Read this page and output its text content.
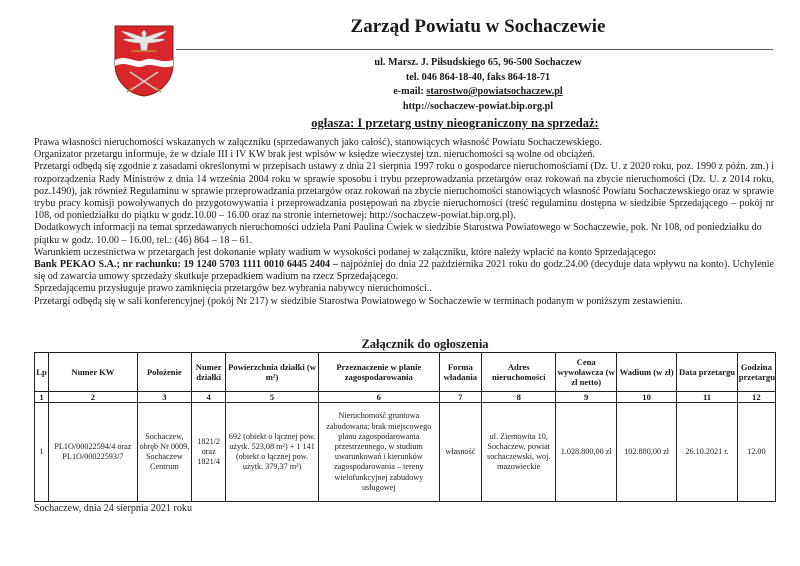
Zarząd Powiatu w Sochaczewie
ul. Marsz. J. Piłsudskiego 65, 96-500 Sochaczew
tel. 046 864-18-40, faks 864-18-71
e-mail: starostwo@powiatsochaczew.pl
http://sochaczew-powiat.bip.org.pl
ogłasza: I przetarg ustny nieograniczony na sprzedaż:

Prawa własności nieruchomości wskazanych w załączniku (sprzedawanych jako całość), stanowiących własność Powiatu Sochaczewskiego.

Organizator przetargu informuje, że w dziale III i IV KW brak jest wpisów w księdze wieczystej tzn. nieruchomości są wolne od obciążeń.

Przetargi odbędą się zgodnie z zasadami określonymi w przepisach ustawy z dnia 21 sierpnia 1997 roku o gospodarce nieruchomościami (Dz. U. z 2020 roku, poz. 1990 z późn. zm.) i rozporządzenia Rady Ministrów z dnia 14 września 2004 roku w sprawie sposobu i trybu przeprowadzania przetargów oraz rokowań na zbycie nieruchomości (Dz. U. z 2014 roku, poz.1490), jak również Regulaminu w sprawie przeprowadzania przetargów oraz rokowań na zbycie nieruchomości stanowiących własność Powiatu Sochaczewskiego oraz w sprawie trybu pracy komisji powoływanych do przygotowywania i przeprowadzania postępowań na zbycie nieruchomości (treść regulaminu dostępna w siedzibie Sprzedającego – pokój nr 108, od poniedziałku do piątku w godz.10.00 – 16.00 oraz na stronie internetowej: http://sochaczew-powiat.bip.org.pl).

Dodatkowych informacji na temat sprzedawanych nieruchomości udziela Pani Paulina Ćwiek w siedzibie Starostwa Powiatowego w Sochaczewie, pok. Nr 108, od poniedziałku do piątku w godz. 10.00 – 16.00, tel.: (46) 864 – 18 – 61.

Warunkiem uczestnictwa w przetargach jest dokonanie wpłaty wadium w wysokości podanej w załączniku, które należy wpłacić na konto Sprzedającego:

Bank PEKAO S.A.; nr rachunku: 19 1240 5703 1111 0010 6445 2404 – najpóźniej do dnia 22 października 2021 roku do godz.24.00 (decyduje data wpływu na konto). Uchylenie się od zawarcia umowy sprzedaży skutkuje przepadkiem wadium na rzecz Sprzedającego.

Sprzedającemu przysługuje prawo zamknięcia przetargów bez wybrania nabywcy nieruchomości..

Przetargi odbędą się w sali konferencyjnej (pokój Nr 217) w siedzibie Starostwa Powiatowego w Sochaczewie w terminach podanym w poniższym zestawieniu.

Załącznik do ogłoszenia
Lp	Numer KW	Położenie	Numer działki	Powierzchnia działki (w m²)	Przeznaczenie w planie zagospodarowania	Forma władania	Adres nieruchomości	Cena wywoławcza (w zł netto)	Wadium (w zł)	Data przetargu	Godzina przetargu
1	2	3	4	5	6	7	8	9	10	11	12
1	PL1O/00022594/4 oraz PL1O/00022593/7	Sochaczew, obręb Nr 0009, Sochaczew Centrum	1821/2 oraz 1821/4	692 (obiekt o łącznej pow. użytk. 523,08 m²) + 1 141 (obiekt o łącznej pow. użytk. 379,37 m²)	Nieruchomość gruntowa zabudowana; brak miejscowego planu zagospodarowania przestrzennego, w studium uwarunkowań i kierunków zagospodarowania – tereny wielofunkcyjnej zabudowy usługowej	własność	ul. Ziemowita 10, Sochaczew, powiat sochaczewski, woj. mazowieckie	1.028.800,00 zł	102.880,00 zł	26.10.2021 r.	12.00
Sochaczew, dnia 24 sierpnia 2021 roku
